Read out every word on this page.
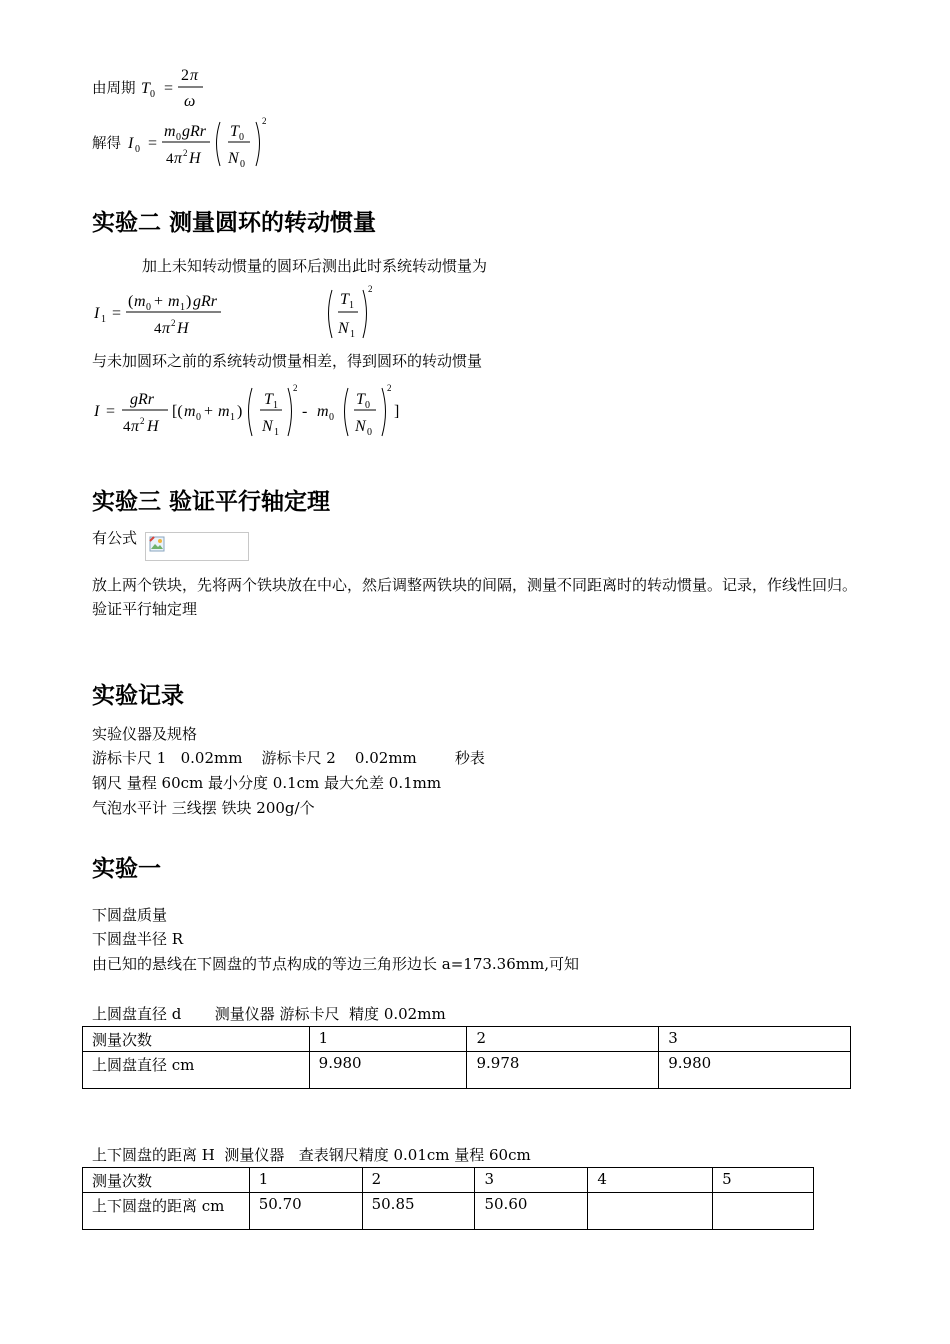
由周期 T 0 =
2 π
ω
解得 I 0 =
m 0 gRr
4 π 2 H
T 0
N 0
2
实验二 测量圆环的转动惯量
加上未知转动惯量的圆环后测出此时系统转动惯量为
I 1 =
( m 0 + m 1 ) gRr
4 π 2 H
T 1
N 1
2
与未加圆环之前的系统转动惯量相差，得到圆环的转动惯量
I =
gRr
4 π 2 H
[( m 0 + m 1 )
T 1
N 1
2
- m 0
T 0
N 0
2
]
实验三 验证平行轴定理
有公式
放上两个铁块，先将两个铁块放在中心，然后调整两铁块的间隔，测量不同距离时的转动惯量。记录，作线性回归。验证平行轴定理
实验记录
实验仪器及规格
游标卡尺 1   0.02mm    游标卡尺 2    0.02mm        秒表
钢尺 量程 60cm 最小分度 0.1cm 最大允差 0.1mm
气泡水平计 三线摆 铁块 200g/个
实验一
下圆盘质量
下圆盘半径 R
由已知的悬线在下圆盘的节点构成的等边三角形边长 a=173.36mm,可知
上圆盘直径 d       测量仪器 游标卡尺  精度 0.02mm
上下圆盘的距离 H  测量仪器   查表钢尺精度 0.01cm 量程 60cm
测量次数	1	2	3
上圆盘直径 cm	9.980	9.978	9.980
测量次数	1	2	3	4	5
上下圆盘的距离 cm	50.70	50.85	50.60		
